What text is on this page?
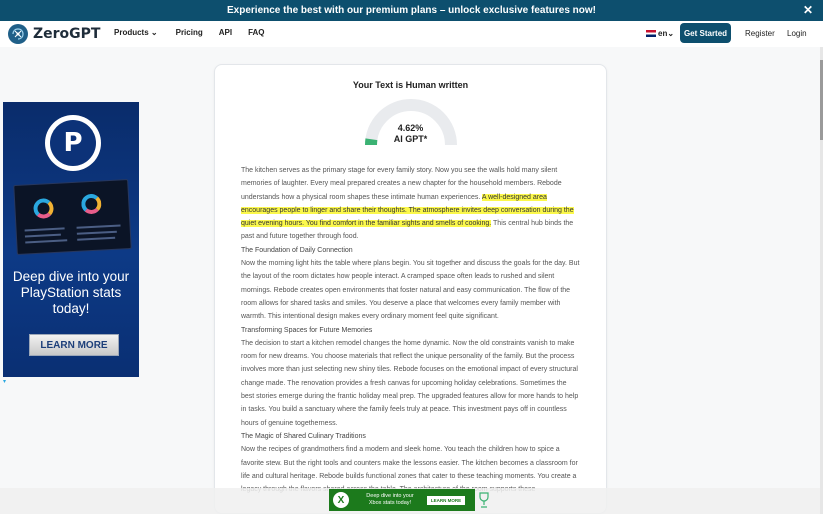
Experience the best with our premium plans – unlock exclusive features now!	✕
ZeroGPT Products ⌄ Pricing API FAQ	en ⌄	Get Started	Register Login
Your Text is Human written
4.62%
AI GPT*

The kitchen serves as the primary stage for every family story. Now you see the walls hold many silent memories of laughter. Every meal prepared creates a new chapter for the household members. Rebode understands how a physical room shapes these intimate human experiences. A well-designed area encourages people to linger and share their thoughts. The atmosphere invites deep conversation during the quiet evening hours. You find comfort in the familiar sights and smells of cooking. This central hub binds the past and future together through food.

The Foundation of Daily Connection

Now the morning light hits the table where plans begin. You sit together and discuss the goals for the day. But the layout of the room dictates how people interact. A cramped space often leads to rushed and silent mornings. Rebode creates open environments that foster natural and easy communication. The flow of the room allows for shared tasks and smiles. You deserve a place that welcomes every family member with warmth. This intentional design makes every ordinary moment feel quite significant.

Transforming Spaces for Future Memories

The decision to start a kitchen remodel changes the home dynamic. Now the old constraints vanish to make room for new dreams. You choose materials that reflect the unique personality of the family. But the process involves more than just selecting new shiny tiles. Rebode focuses on the emotional impact of every structural change made. The renovation provides a fresh canvas for upcoming holiday celebrations. Sometimes the best stories emerge during the frantic holiday meal prep. The upgraded features allow for more hands to help in tasks. You build a sanctuary where the family feels truly at peace. This investment pays off in countless hours of genuine togetherness.

The Magic of Shared Culinary Traditions

Now the recipes of grandmothers find a modern and sleek home. You teach the children how to spice a favorite stew. But the right tools and counters make the lessons easier. The kitchen becomes a classroom for life and cultural heritage. Rebode builds functional zones that cater to these teaching moments. You create a

P
Deep dive into your PlayStation stats today!
LEARN MORE
▾
X	Deep dive into your Xbox stats today!	LEARN MORE
